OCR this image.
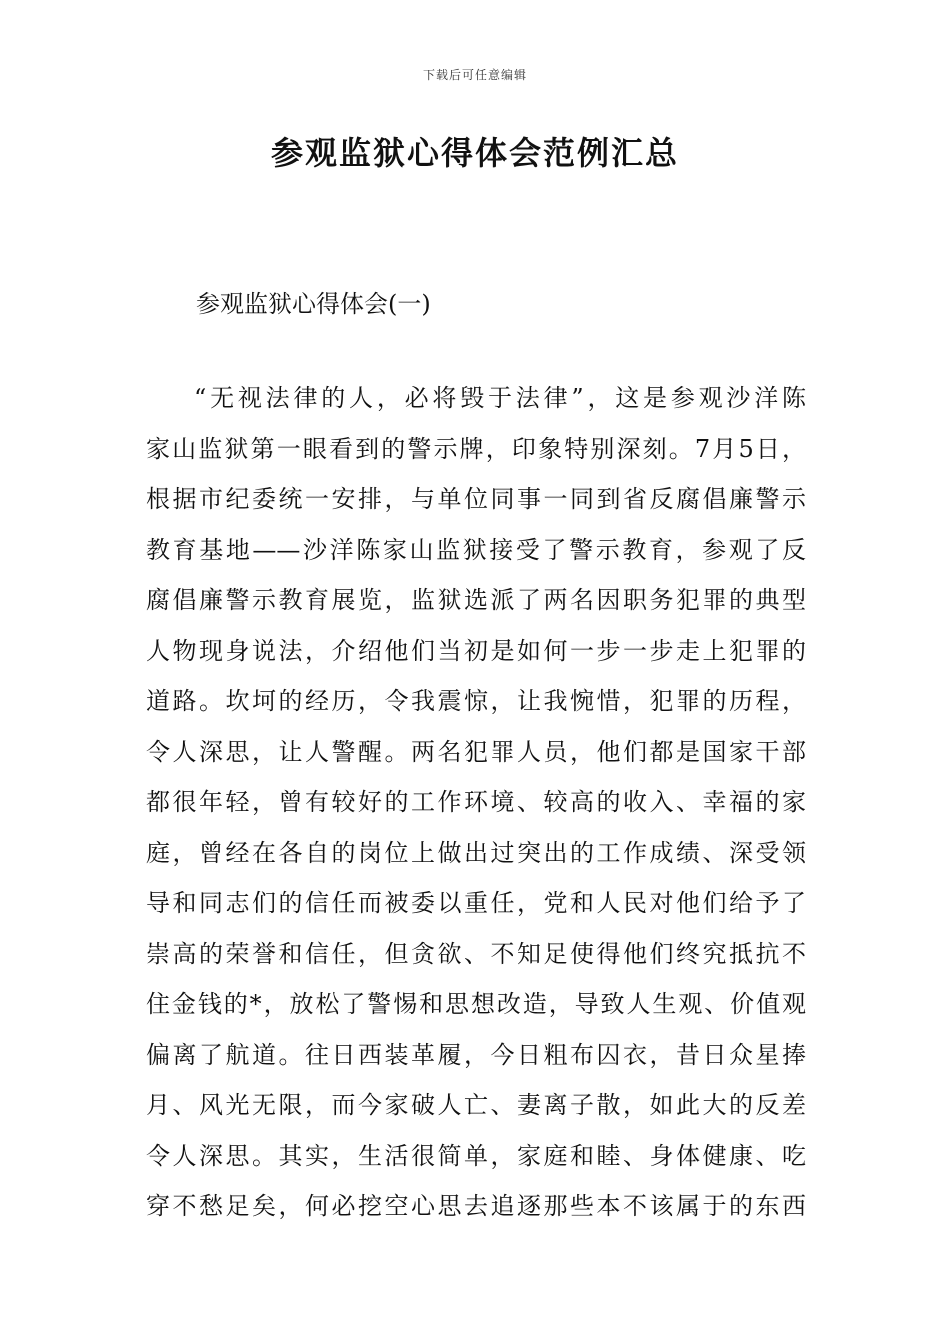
下载后可任意编辑
参观监狱心得体会范例汇总
参观监狱心得体会(一)

“无视法律的人，必将毁于法律”，这是参观沙洋陈
家山监狱第一眼看到的警示牌，印象特别深刻。7月5日，
根据市纪委统一安排，与单位同事一同到省反腐倡廉警示
教育基地——沙洋陈家山监狱接受了警示教育，参观了反
腐倡廉警示教育展览，监狱选派了两名因职务犯罪的典型
人物现身说法，介绍他们当初是如何一步一步走上犯罪的
道路。坎坷的经历，令我震惊，让我惋惜，犯罪的历程，
令人深思，让人警醒。两名犯罪人员，他们都是国家干部
都很年轻，曾有较好的工作环境、较高的收入、幸福的家
庭，曾经在各自的岗位上做出过突出的工作成绩、深受领
导和同志们的信任而被委以重任，党和人民对他们给予了
崇高的荣誉和信任，但贪欲、不知足使得他们终究抵抗不
住金钱的*，放松了警惕和思想改造，导致人生观、价值观
偏离了航道。往日西装革履，今日粗布囚衣，昔日众星捧
月、风光无限，而今家破人亡、妻离子散，如此大的反差
令人深思。其实，生活很简单，家庭和睦、身体健康、吃
穿不愁足矣，何必挖空心思去追逐那些本不该属于的东西
